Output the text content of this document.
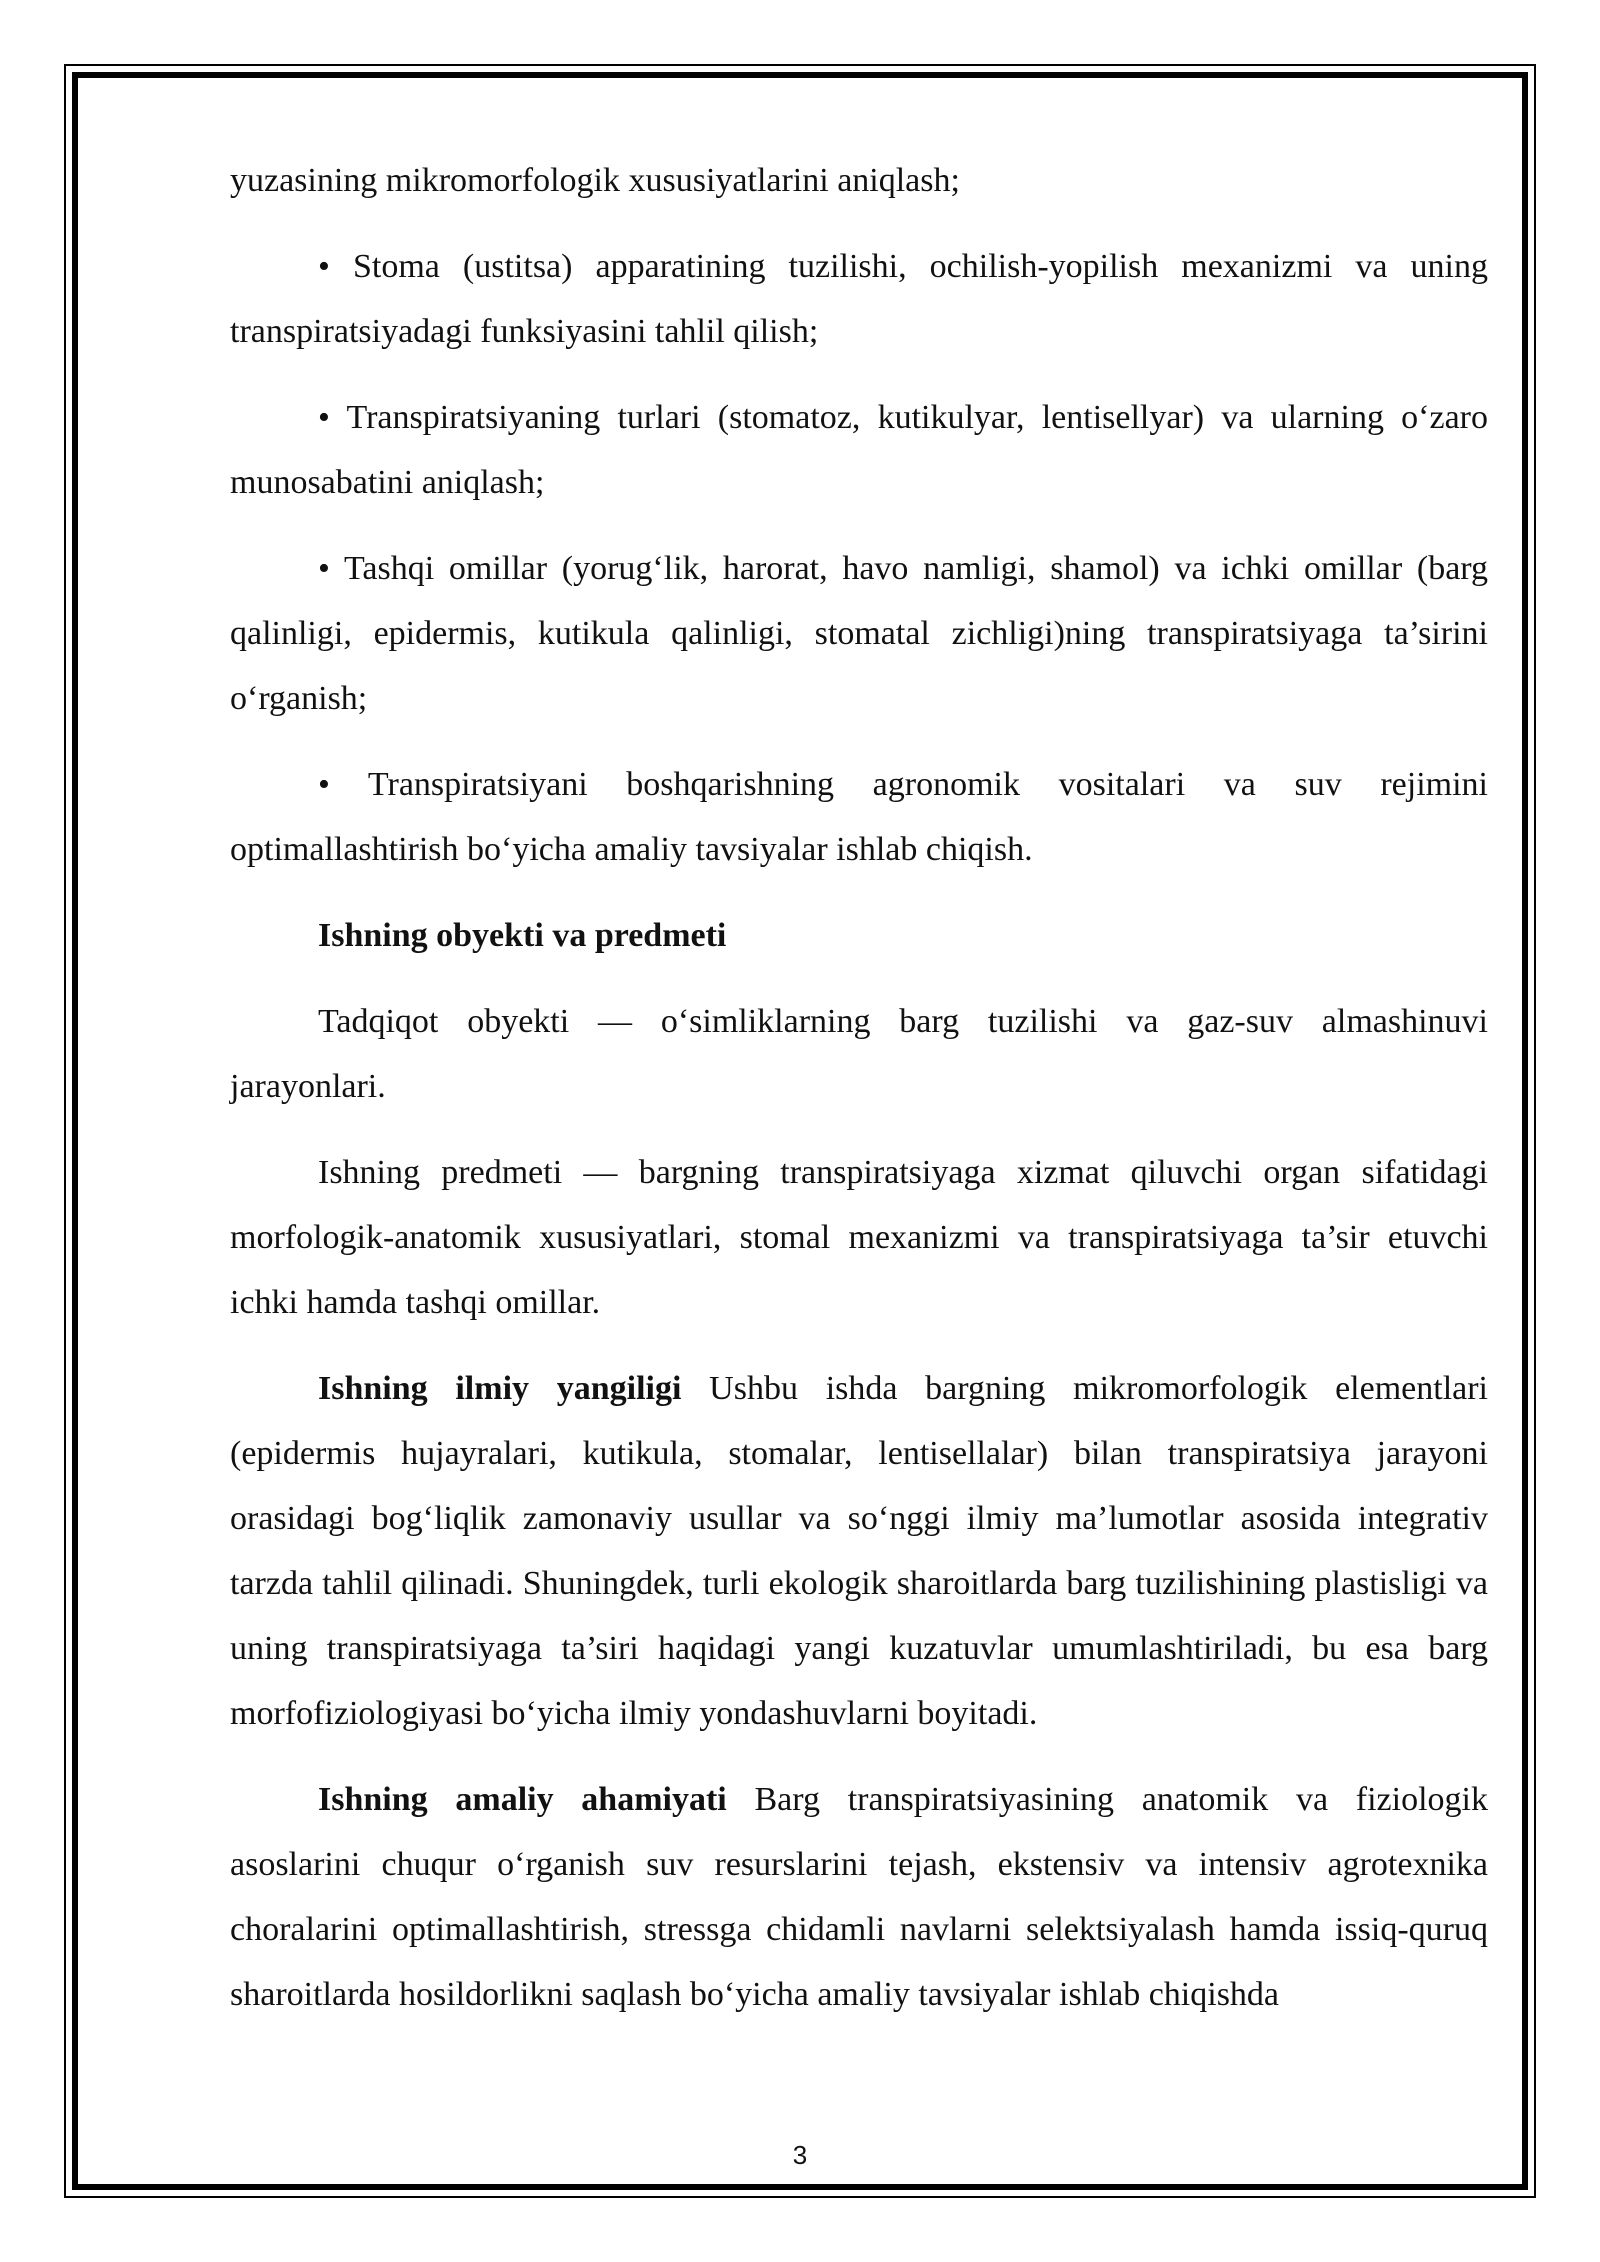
yuzasining mikromorfologik xususiyatlarini aniqlash;

• Stoma (ustitsa) apparatining tuzilishi, ochilish-yopilish mexanizmi va uning transpiratsiyadagi funksiyasini tahlil qilish;

• Transpiratsiyaning turlari (stomatoz, kutikulyar, lentisellyar) va ularning o‘zaro munosabatini aniqlash;

• Tashqi omillar (yorug‘lik, harorat, havo namligi, shamol) va ichki omillar (barg qalinligi, epidermis, kutikula qalinligi, stomatal zichligi)ning transpiratsiyaga ta’sirini o‘rganish;

• Transpiratsiyani boshqarishning agronomik vositalari va suv rejimini optimallashtirish bo‘yicha amaliy tavsiyalar ishlab chiqish.

Ishning obyekti va predmeti

Tadqiqot obyekti — o‘simliklarning barg tuzilishi va gaz-suv almashinuvi jarayonlari.

Ishning predmeti — bargning transpiratsiyaga xizmat qiluvchi organ sifatidagi morfologik-anatomik xususiyatlari, stomal mexanizmi va transpiratsiyaga ta’sir etuvchi ichki hamda tashqi omillar.

Ishning ilmiy yangiligi Ushbu ishda bargning mikromorfologik elementlari (epidermis hujayralari, kutikula, stomalar, lentisellalar) bilan transpiratsiya jarayoni orasidagi bog‘liqlik zamonaviy usullar va so‘nggi ilmiy ma’lumotlar asosida integrativ tarzda tahlil qilinadi. Shuningdek, turli ekologik sharoitlarda barg tuzilishining plastisligi va uning transpiratsiyaga ta’siri haqidagi yangi kuzatuvlar umumlashtiriladi, bu esa barg morfofiziologiyasi bo‘yicha ilmiy yondashuvlarni boyitadi.

Ishning amaliy ahamiyati Barg transpiratsiyasining anatomik va fiziologik asoslarini chuqur o‘rganish suv resurslarini tejash, ekstensiv va intensiv agrotexnika choralarini optimallashtirish, stressga chidamli navlarni selektsiyalash hamda issiq-quruq sharoitlarda hosildorlikni saqlash bo‘yicha amaliy tavsiyalar ishlab chiqishda

3
